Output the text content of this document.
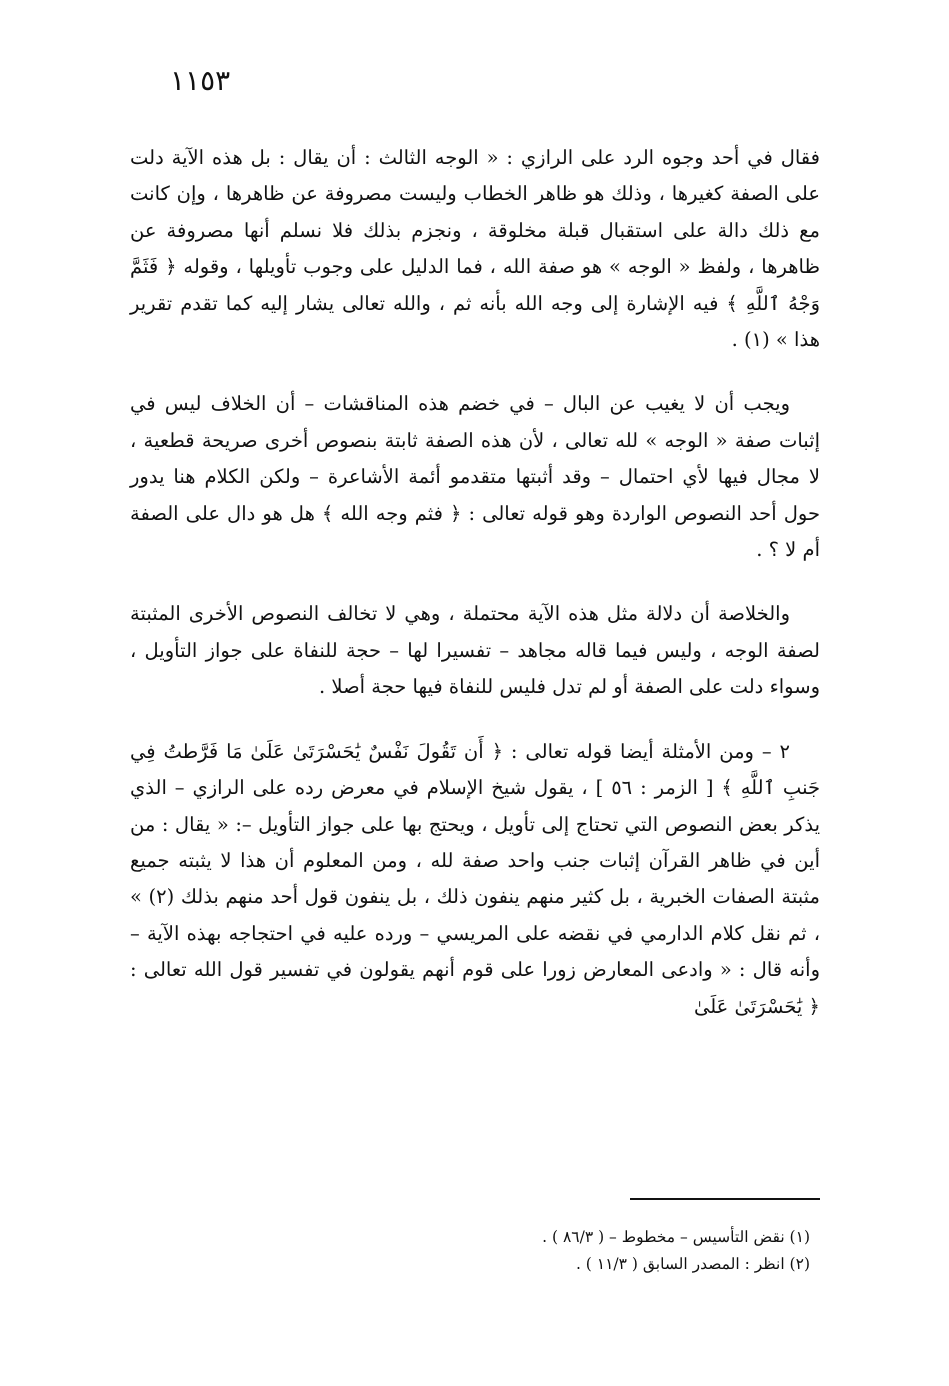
١١٥٣

فقال في أحد وجوه الرد على الرازي : « الوجه الثالث : أن يقال : بل هذه الآية دلت على الصفة كغيرها ، وذلك هو ظاهر الخطاب وليست مصروفة عن ظاهرها ، وإن كانت مع ذلك دالة على استقبال قبلة مخلوقة ، ونجزم بذلك فلا نسلم أنها مصروفة عن ظاهرها ، ولفظ « الوجه » هو صفة الله ، فما الدليل على وجوب تأويلها ، وقوله ﴿ فَثَمَّ وَجْهُ ٱللَّهِ ﴾ فيه الإشارة إلى وجه الله بأنه ثم ، والله تعالى يشار إليه كما تقدم تقرير هذا » (١) .

ويجب أن لا يغيب عن البال – في خضم هذه المناقشات – أن الخلاف ليس في إثبات صفة « الوجه » لله تعالى ، لأن هذه الصفة ثابتة بنصوص أخرى صريحة قطعية ، لا مجال فيها لأي احتمال – وقد أثبتها متقدمو أئمة الأشاعرة – ولكن الكلام هنا يدور حول أحد النصوص الواردة وهو قوله تعالى : ﴿ فثم وجه الله ﴾ هل هو دال على الصفة أم لا ؟ .

والخلاصة أن دلالة مثل هذه الآية محتملة ، وهي لا تخالف النصوص الأخرى المثبتة لصفة الوجه ، وليس فيما قاله مجاهد – تفسيرا لها – حجة للنفاة على جواز التأويل ، وسواء دلت على الصفة أو لم تدل فليس للنفاة فيها حجة أصلا .

٢ – ومن الأمثلة أيضا قوله تعالى : ﴿ أَن تَقُولَ نَفْسٌ يَٰحَسْرَتَىٰ عَلَىٰ مَا فَرَّطتُ فِي جَنبِ ٱللَّهِ ﴾ [ الزمر : ٥٦ ] ، يقول شيخ الإسلام في معرض رده على الرازي – الذي يذكر بعض النصوص التي تحتاج إلى تأويل ، ويحتج بها على جواز التأويل –: « يقال : من أين في ظاهر القرآن إثبات جنب واحد صفة لله ، ومن المعلوم أن هذا لا يثبته جميع مثبتة الصفات الخبرية ، بل كثير منهم ينفون ذلك ، بل ينفون قول أحد منهم بذلك (٢) » ، ثم نقل كلام الدارمي في نقضه على المريسي – ورده عليه في احتجاجه بهذه الآية – وأنه قال : « وادعى المعارض زورا على قوم أنهم يقولون في تفسير قول الله تعالى : ﴿ يَٰحَسْرَتَىٰ عَلَىٰ

(١) نقض التأسيس – مخطوط – ( ٨٦/٣ ) .

(٢) انظر : المصدر السابق ( ١١/٣ ) .
